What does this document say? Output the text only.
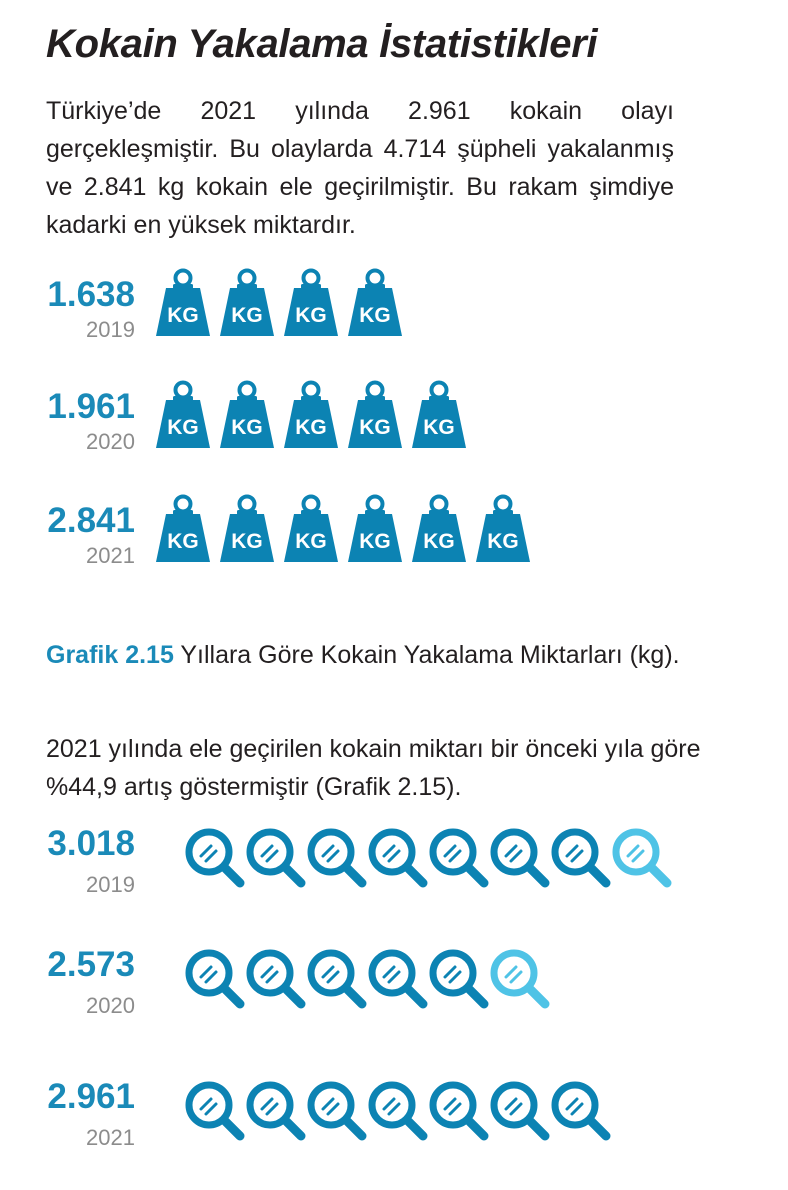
Kokain Yakalama İstatistikleri

Türkiye’de 2021 yılında 2.961 kokain olayı gerçekleşmiştir. Bu olaylarda 4.714 şüpheli yakalanmış ve 2.841 kg kokain ele geçirilmiştir. Bu rakam şimdiye kadarki en yüksek miktardır.

1.638
2019
KG KG KG KG
1.961
2020
KG KG KG KG KG
2.841
2021
KG KG KG KG KG KG

Grafik 2.15 Yıllara Göre Kokain Yakalama Miktarları (kg).

2021 yılında ele geçirilen kokain miktarı bir önceki yıla göre %44,9 artış göstermiştir (Grafik 2.15).

3.018
2019
2.573
2020
2.961
2021
